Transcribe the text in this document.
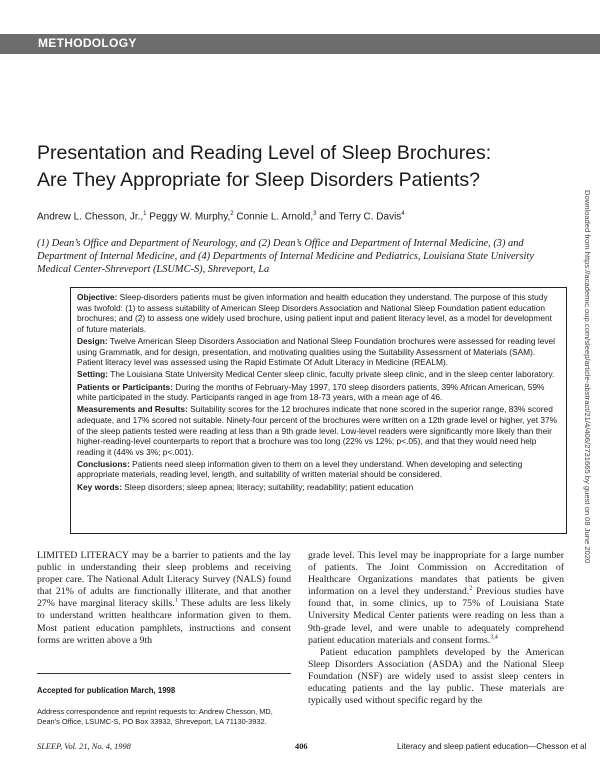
METHODOLOGY
Presentation and Reading Level of Sleep Brochures:
Are They Appropriate for Sleep Disorders Patients?
Andrew L. Chesson, Jr.,$^1$ Peggy W. Murphy,$^2$ Connie L. Arnold,$^3$ and Terry C. Davis$^4$
(1) Dean’s Office and Department of Neurology, and (2) Dean’s Office and Department of Internal Medicine, (3) and Department of Internal Medicine, and (4) Departments of Internal Medicine and Pediatrics, Louisiana State University Medical Center-Shreveport (LSUMC-S), Shreveport, La	Downloaded from https://academic.oup.com/sleep/article-abstract/21/4/406/2731665 by guest on 08 June 2020

Objective: Sleep-disorders patients must be given information and health education they understand. The purpose of this study was twofold: (1) to assess suitability of American Sleep Disorders Association and National Sleep Foundation patient education brochures; and (2) to assess one widely used brochure, using patient input and patient literacy level, as a model for development of future materials.

Design: Twelve American Sleep Disorders Association and National Sleep Foundation brochures were assessed for reading level using Grammatik, and for design, presentation, and motivating qualities using the Suitability Assessment of Materials (SAM). Patient literacy level was assessed using the Rapid Estimate Of Adult Literacy in Medicine (REALM).

Setting: The Louisiana State University Medical Center sleep clinic, faculty private sleep clinic, and in the sleep center laboratory.

Patients or Participants: During the months of February-May 1997, 170 sleep disorders patients, 39% African American, 59% white participated in the study. Participants ranged in age from 18-73 years, with a mean age of 46.

Measurements and Results: Suitability scores for the 12 brochures indicate that none scored in the superior range, 83% scored adequate, and 17% scored not suitable. Ninety-four percent of the brochures were written on a 12th grade level or higher, yet 37% of the sleep patients tested were reading at less than a 9th grade level. Low-level readers were significantly more likely than their higher-reading-level counterparts to report that a brochure was too long (22% vs 12%; p<.05), and that they would need help reading it (44% vs 3%; p<.001).

Conclusions: Patients need sleep information given to them on a level they understand. When developing and selecting appropriate materials, reading level, length, and suitability of written material should be considered.

Key words: Sleep disorders; sleep apnea; literacy; suitability; readability; patient education

LIMITED LITERACY may be a barrier to patients and the lay public in understanding their sleep problems and receiving proper care. The National Adult Literacy Survey (NALS) found that 21% of adults are functionally illiterate, and that another 27% have marginal literacy skills.$^1$ These adults are less likely to understand written healthcare information given to them. Most patient education pamphlets, instructions and consent forms are written above a 9th

grade level. This level may be inappropriate for a large number of patients. The Joint Commission on Accreditation of Healthcare Organizations mandates that patients be given information on a level they understand.$^2$ Previous studies have found that, in some clinics, up to 75% of Louisiana State University Medical Center patients were reading on less than a 9th-grade level, and were unable to adequately comprehend patient education materials and consent forms.$^{3,4}$

Patient education pamphlets developed by the American Sleep Disorders Association (ASDA) and the National Sleep Foundation (NSF) are widely used to assist sleep centers in educating patients and the lay public. These materials are typically used without specific regard by the

Accepted for publication March, 1998
Address correspondence and reprint requests to: Andrew Chesson, MD, Dean’s Office, LSUMC-S, PO Box 33932, Shreveport, LA 71130-3932.
SLEEP, Vol. 21, No. 4, 1998	406	Literacy and sleep patient education—Chesson et al
